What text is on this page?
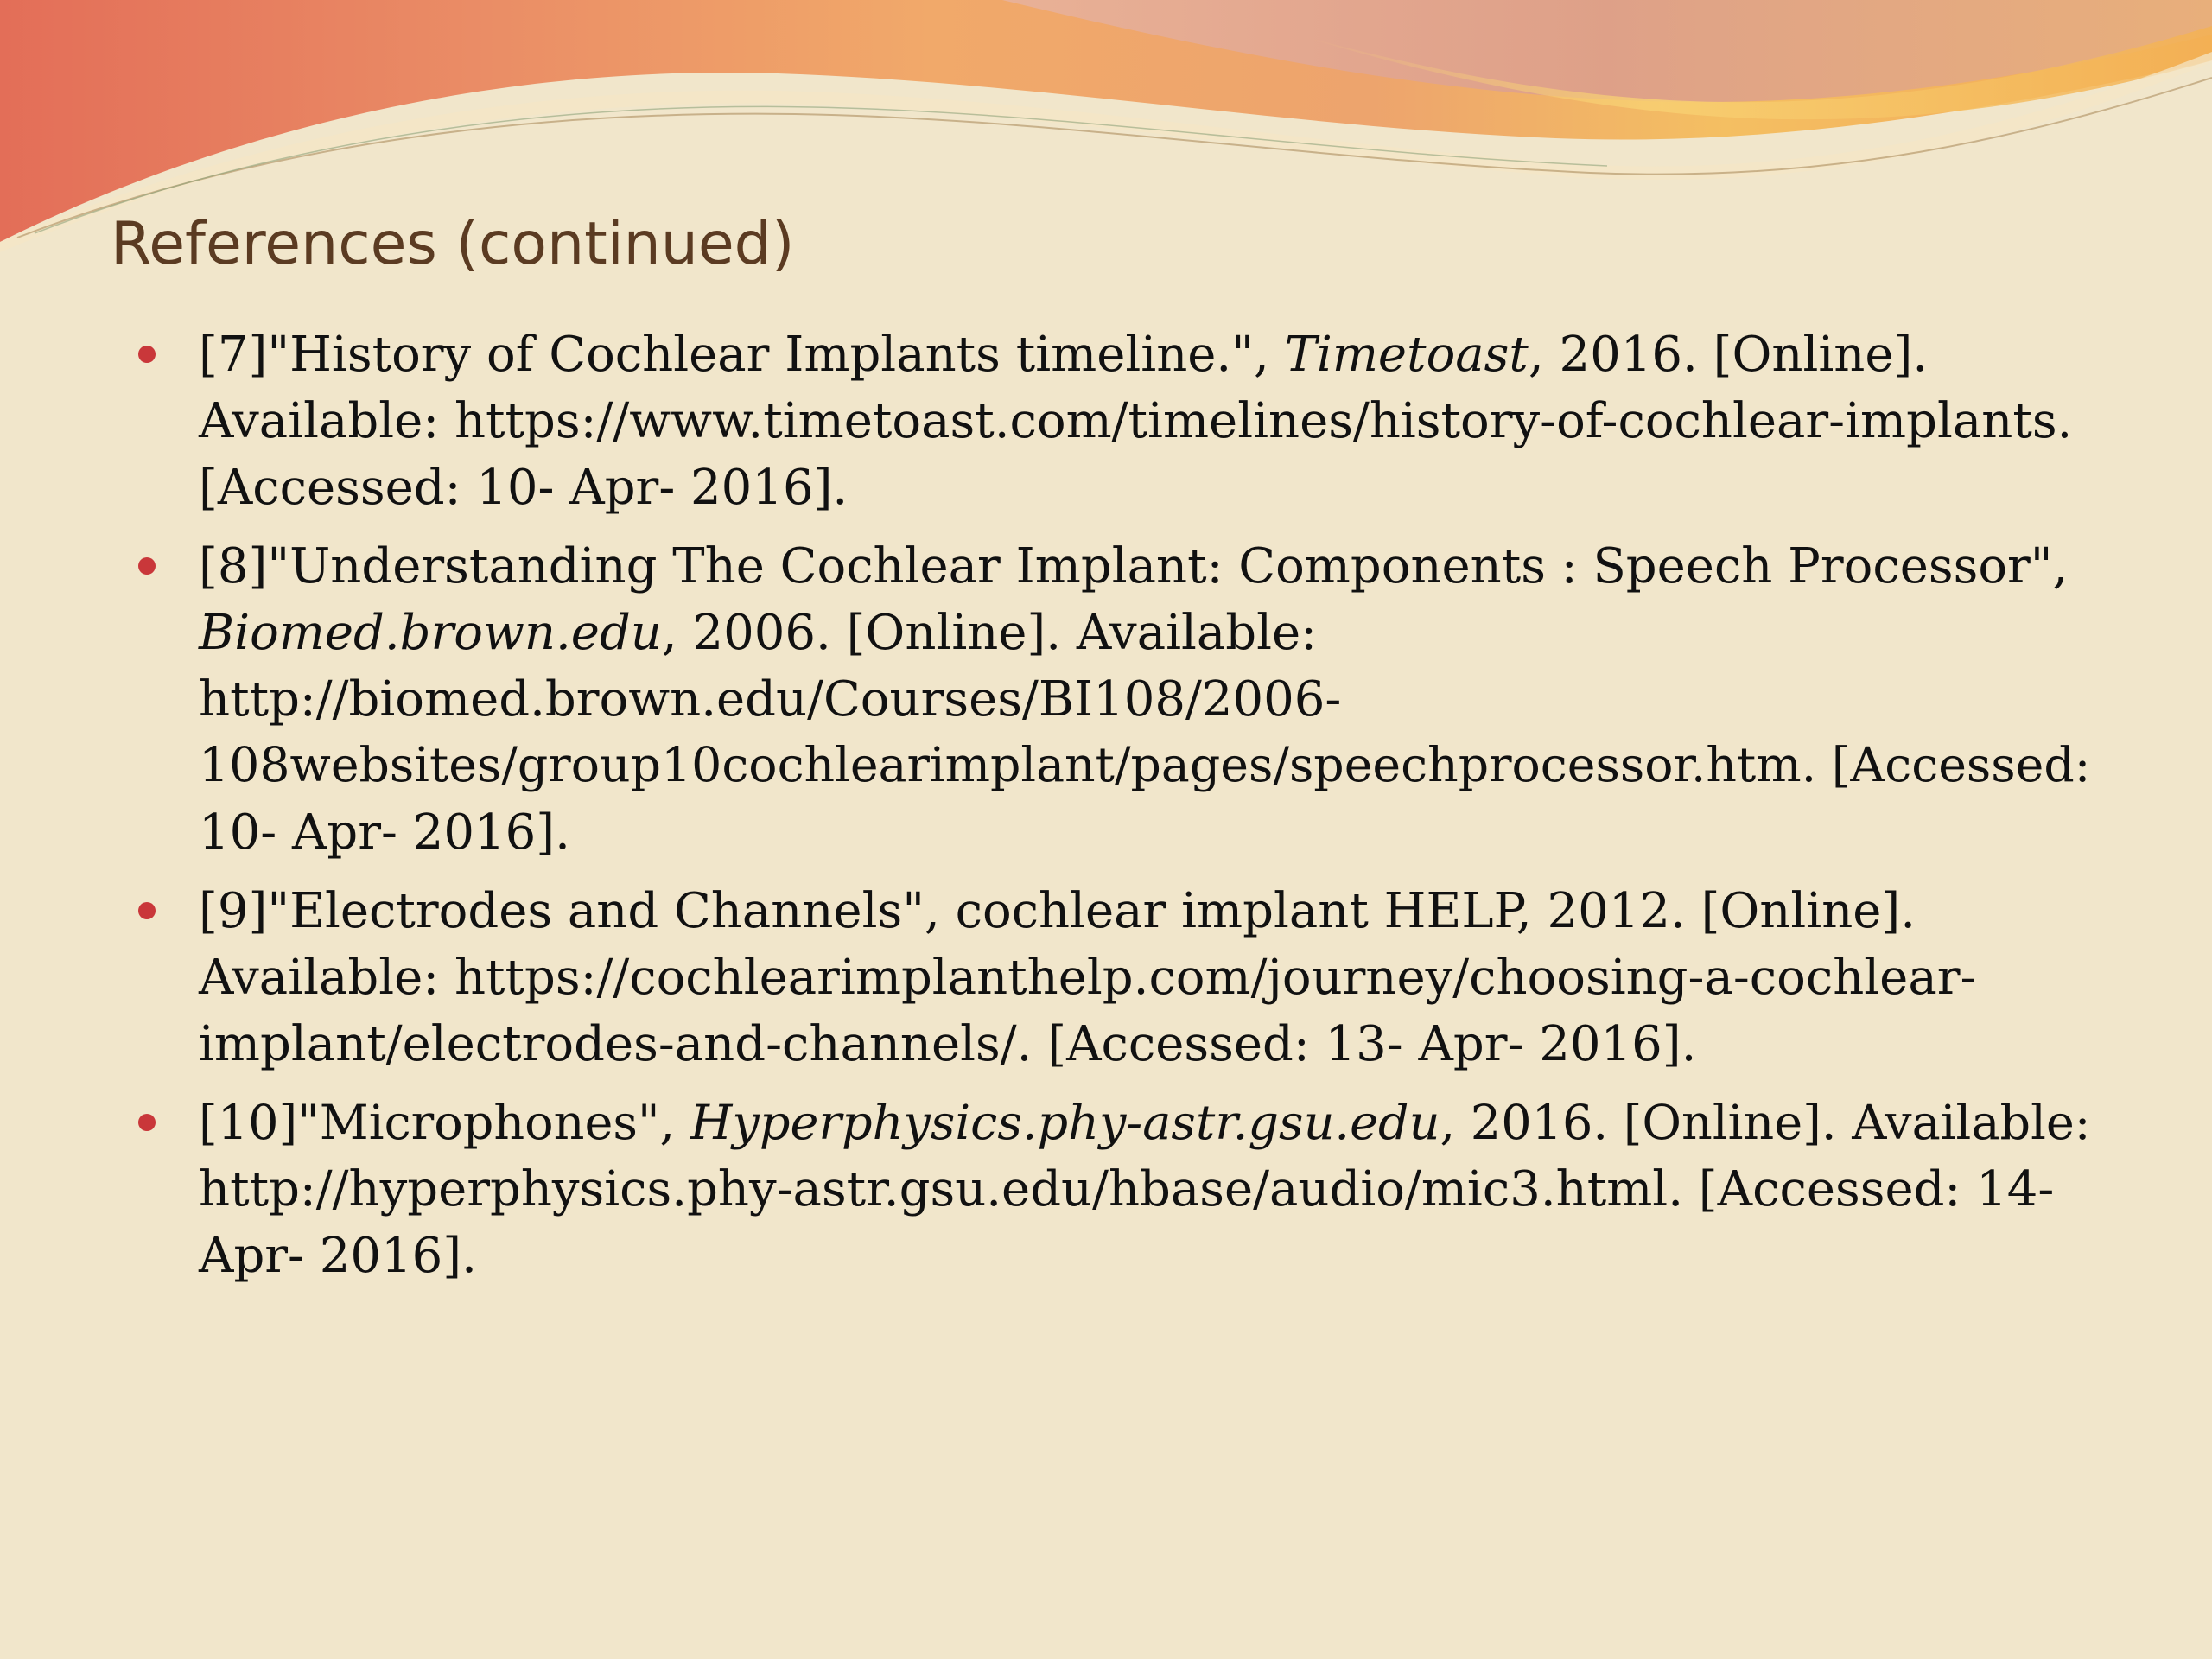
References (continued)
[7]"History of Cochlear Implants timeline.", Timetoast, 2016. [Online].
Available: https://www.timetoast.com/timelines/history-of-cochlear-implants.
[Accessed: 10- Apr- 2016].
[8]"Understanding The Cochlear Implant: Components : Speech Processor",
Biomed.brown.edu, 2006. [Online]. Available:
http://biomed.brown.edu/Courses/BI108/2006-
108websites/group10cochlearimplant/pages/speechprocessor.htm. [Accessed:
10- Apr- 2016].
[9]"Electrodes and Channels", cochlear implant HELP, 2012. [Online].
Available: https://cochlearimplanthelp.com/journey/choosing-a-cochlear-
implant/electrodes-and-channels/. [Accessed: 13- Apr- 2016].
[10]"Microphones", Hyperphysics.phy-astr.gsu.edu, 2016. [Online]. Available:
http://hyperphysics.phy-astr.gsu.edu/hbase/audio/mic3.html. [Accessed: 14-
Apr- 2016].
